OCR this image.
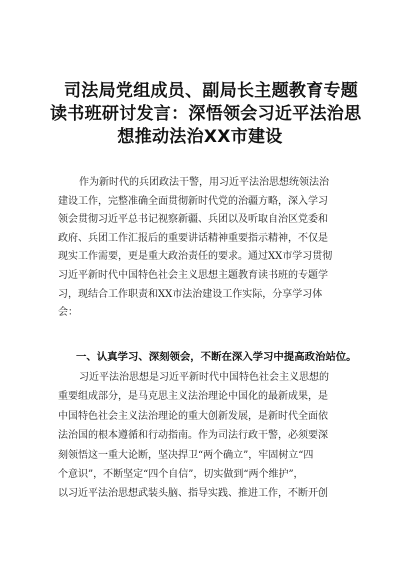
司法局党组成员、副局长主题教育专题
读书班研讨发言：深悟领会习近平法治思
想推动法治XX市建设
作为新时代的兵团政法干警，用习近平法治思想统领法治
建设工作，完整准确全面贯彻新时代党的治疆方略，深入学习
领会贯彻习近平总书记视察新疆、兵团以及听取自治区党委和
政府、兵团工作汇报后的重要讲话精神重要指示精神，不仅是
现实工作需要，更是重大政治责任的要求。通过XX市学习贯彻
习近平新时代中国特色社会主义思想主题教育读书班的专题学
习，现结合工作职责和XX市法治建设工作实际，分享学习体
会：
一、认真学习、深刻领会，不断在深入学习中提高政治站位。
习近平法治思想是习近平新时代中国特色社会主义思想的
重要组成部分，是马克思主义法治理论中国化的最新成果，是
中国特色社会主义法治理论的重大创新发展，是新时代全面依
法治国的根本遵循和行动指南。作为司法行政干警，必须要深
刻领悟这一重大论断，坚决捍卫“两个确立”，牢固树立“四
个意识”，不断坚定“四个自信”，切实做到“两个维护”，
以习近平法治思想武装头脑、指导实践、推进工作，不断开创
